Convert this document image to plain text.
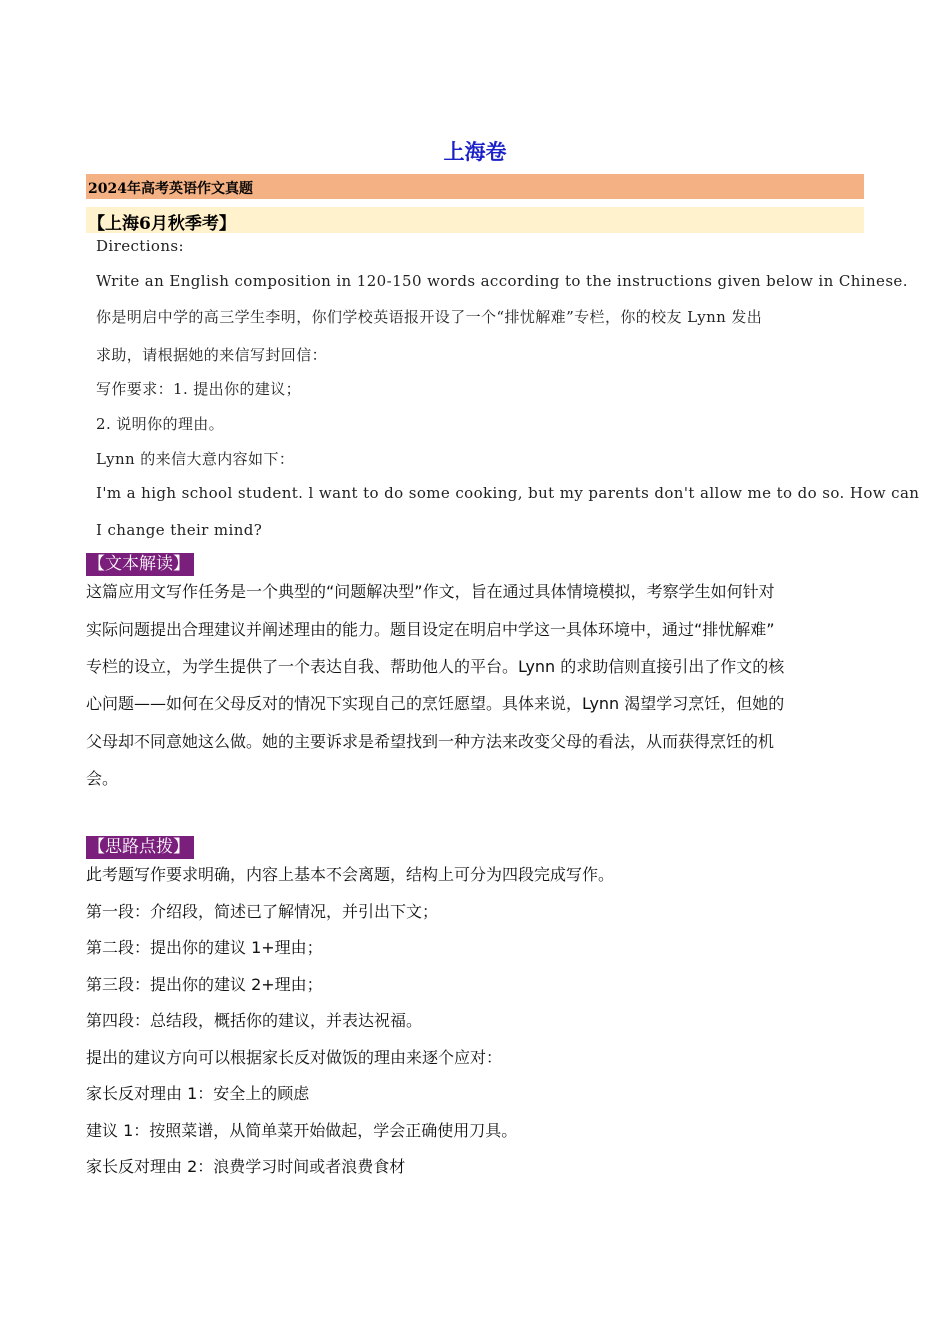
上海卷
2024年高考英语作文真题
【上海6月秋季考】
Directions:
Write an English composition in 120-150 words according to the instructions given below in Chinese.
你是明启中学的高三学生李明，你们学校英语报开设了一个“排忧解难”专栏，你的校友 Lynn 发出
求助，请根据她的来信写封回信：
写作要求：1. 提出你的建议；
2. 说明你的理由。
Lynn 的来信大意内容如下：
I'm a high school student. l want to do some cooking, but my parents don't allow me to do so. How can
I change their mind?
【文本解读】
这篇应用文写作任务是一个典型的“问题解决型”作文，旨在通过具体情境模拟，考察学生如何针对
实际问题提出合理建议并阐述理由的能力。题目设定在明启中学这一具体环境中，通过“排忧解难”
专栏的设立，为学生提供了一个表达自我、帮助他人的平台。Lynn 的求助信则直接引出了作文的核
心问题——如何在父母反对的情况下实现自己的烹饪愿望。具体来说，Lynn 渴望学习烹饪，但她的
父母却不同意她这么做。她的主要诉求是希望找到一种方法来改变父母的看法，从而获得烹饪的机
会。
【思路点拨】
此考题写作要求明确，内容上基本不会离题，结构上可分为四段完成写作。
第一段：介绍段，简述已了解情况，并引出下文；
第二段：提出你的建议 1+理由；
第三段：提出你的建议 2+理由；
第四段：总结段，概括你的建议，并表达祝福。
提出的建议方向可以根据家长反对做饭的理由来逐个应对：
家长反对理由 1：安全上的顾虑
建议 1：按照菜谱，从简单菜开始做起，学会正确使用刀具。
家长反对理由 2：浪费学习时间或者浪费食材
